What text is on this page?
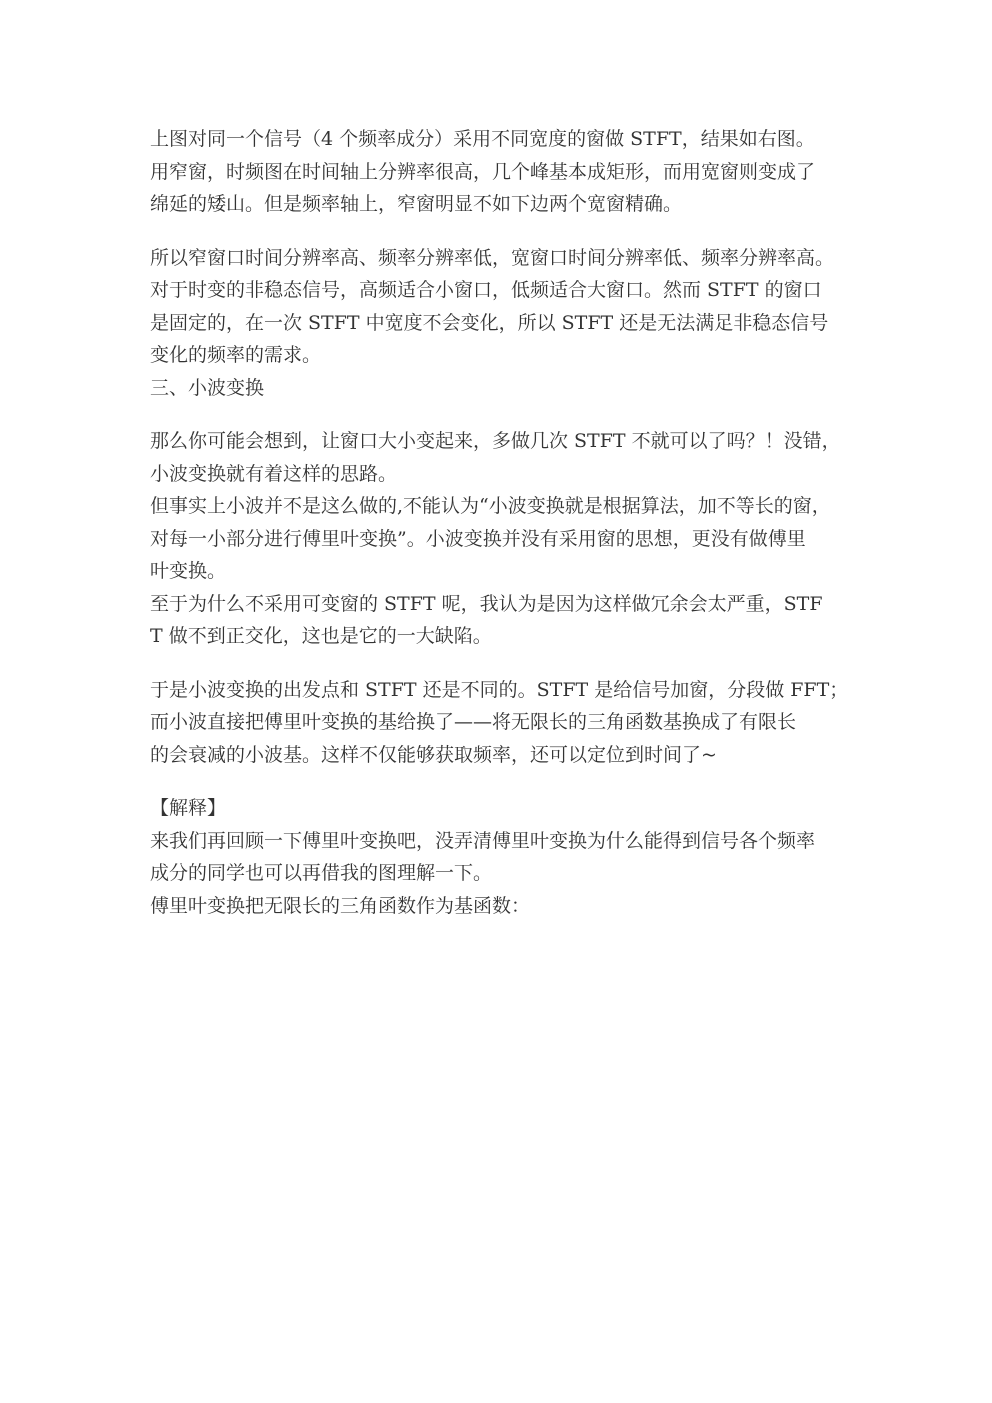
上图对同一个信号（4 个频率成分）采用不同宽度的窗做 STFT，结果如右图。
用窄窗，时频图在时间轴上分辨率很高，几个峰基本成矩形，而用宽窗则变成了
绵延的矮山。但是频率轴上，窄窗明显不如下边两个宽窗精确。
所以窄窗口时间分辨率高、频率分辨率低，宽窗口时间分辨率低、频率分辨率高。
对于时变的非稳态信号，高频适合小窗口，低频适合大窗口。然而 STFT 的窗口
是固定的，在一次 STFT 中宽度不会变化，所以 STFT 还是无法满足非稳态信号
变化的频率的需求。
三、小波变换
那么你可能会想到，让窗口大小变起来，多做几次 STFT 不就可以了吗？！没错，
小波变换就有着这样的思路。
但事实上小波并不是这么做的,不能认为“小波变换就是根据算法，加不等长的窗，
对每一小部分进行傅里叶变换”。小波变换并没有采用窗的思想，更没有做傅里
叶变换。
至于为什么不采用可变窗的 STFT 呢，我认为是因为这样做冗余会太严重，STF
T 做不到正交化，这也是它的一大缺陷。
于是小波变换的出发点和 STFT 还是不同的。STFT 是给信号加窗，分段做 FFT；
而小波直接把傅里叶变换的基给换了——将无限长的三角函数基换成了有限长
的会衰减的小波基。这样不仅能够获取频率，还可以定位到时间了~
【解释】
来我们再回顾一下傅里叶变换吧，没弄清傅里叶变换为什么能得到信号各个频率
成分的同学也可以再借我的图理解一下。
傅里叶变换把无限长的三角函数作为基函数：
